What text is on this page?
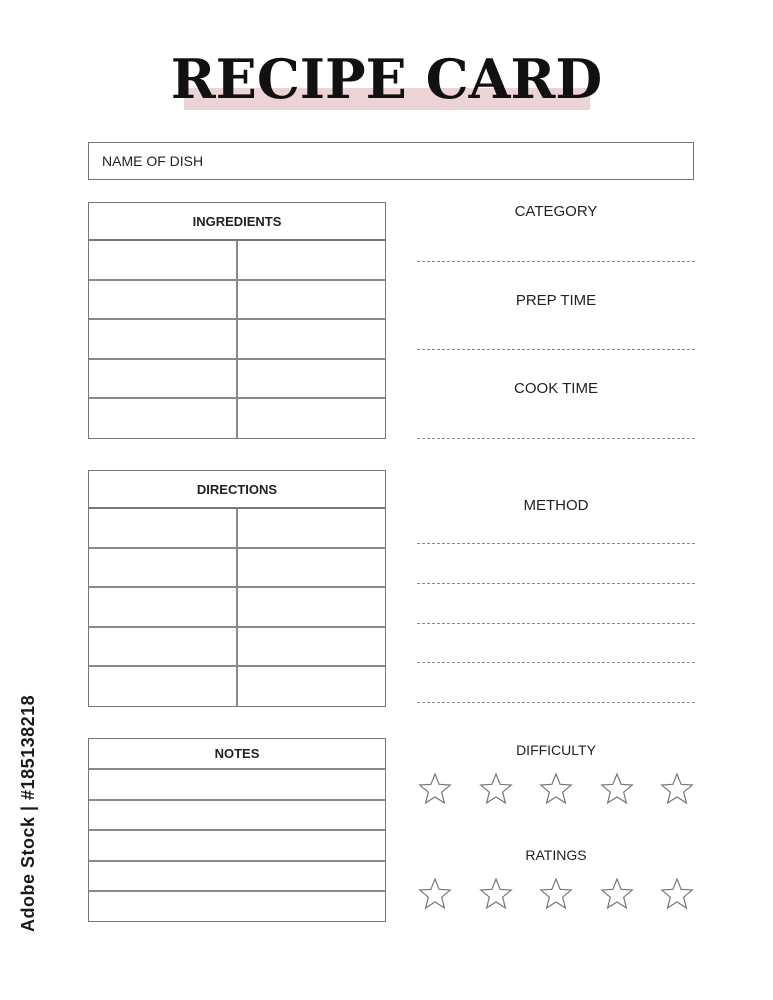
RECIPE CARD
NAME OF DISH
INGREDIENTS
DIRECTIONS
NOTES
CATEGORY
PREP TIME
COOK TIME
METHOD
DIFFICULTY
RATINGS
Adobe Stock | #185138218
